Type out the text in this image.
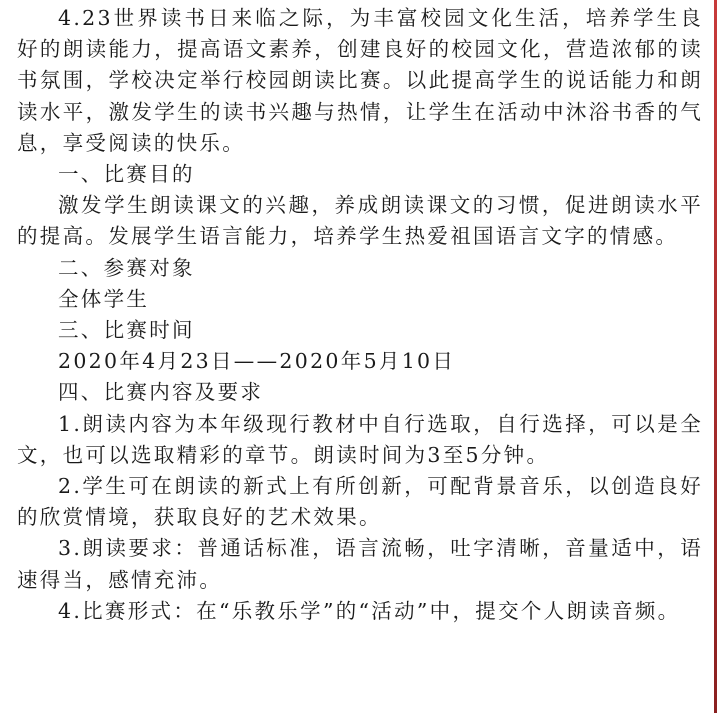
4.23世界读书日来临之际，为丰富校园文化生活，培养学生良好的朗读能力，提高语文素养，创建良好的校园文化，营造浓郁的读书氛围，学校决定举行校园朗读比赛。以此提高学生的说话能力和朗读水平，激发学生的读书兴趣与热情，让学生在活动中沐浴书香的气息，享受阅读的快乐。

一、比赛目的

激发学生朗读课文的兴趣，养成朗读课文的习惯，促进朗读水平的提高。发展学生语言能力，培养学生热爱祖国语言文字的情感。

二、参赛对象

全体学生

三、比赛时间

2020年4月23日——2020年5月10日

四、比赛内容及要求

1.朗读内容为本年级现行教材中自行选取，自行选择，可以是全文，也可以选取精彩的章节。朗读时间为3至5分钟。

2.学生可在朗读的新式上有所创新，可配背景音乐，以创造良好的欣赏情境，获取良好的艺术效果。

3.朗读要求：普通话标准，语言流畅，吐字清晰，音量适中，语速得当，感情充沛。

4.比赛形式：在“乐教乐学”的“活动”中，提交个人朗读音频。
